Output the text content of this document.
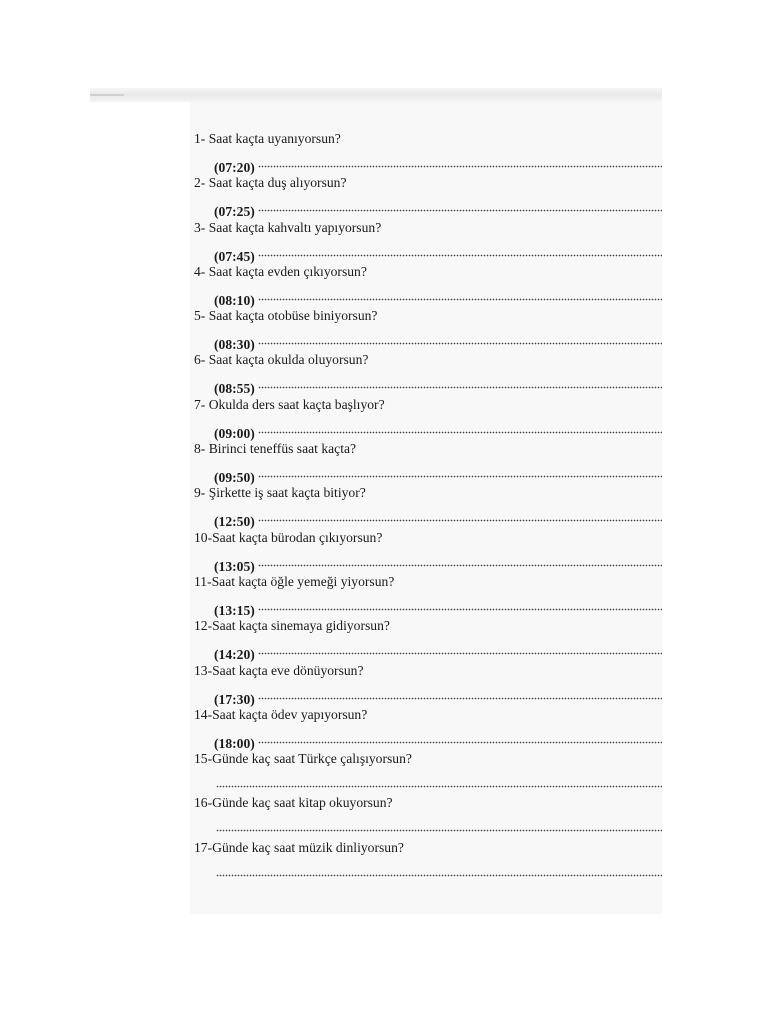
1- Saat kaçta uyanıyorsun?
(07:20)
2- Saat kaçta duş alıyorsun?
(07:25)
3- Saat kaçta kahvaltı yapıyorsun?
(07:45)
4- Saat kaçta evden çıkıyorsun?
(08:10)
5- Saat kaçta otobüse biniyorsun?
(08:30)
6- Saat kaçta okulda oluyorsun?
(08:55)
7- Okulda ders saat kaçta başlıyor?
(09:00)
8- Birinci teneffüs saat kaçta?
(09:50)
9- Şirkette iş saat kaçta bitiyor?
(12:50)
10-Saat kaçta bürodan çıkıyorsun?
(13:05)
11-Saat kaçta öğle yemeği yiyorsun?
(13:15)
12-Saat kaçta sinemaya gidiyorsun?
(14:20)
13-Saat kaçta eve dönüyorsun?
(17:30)
14-Saat kaçta ödev yapıyorsun?
(18:00)
15-Günde kaç saat Türkçe çalışıyorsun?
16-Günde kaç saat kitap okuyorsun?
17-Günde kaç saat müzik dinliyorsun?
